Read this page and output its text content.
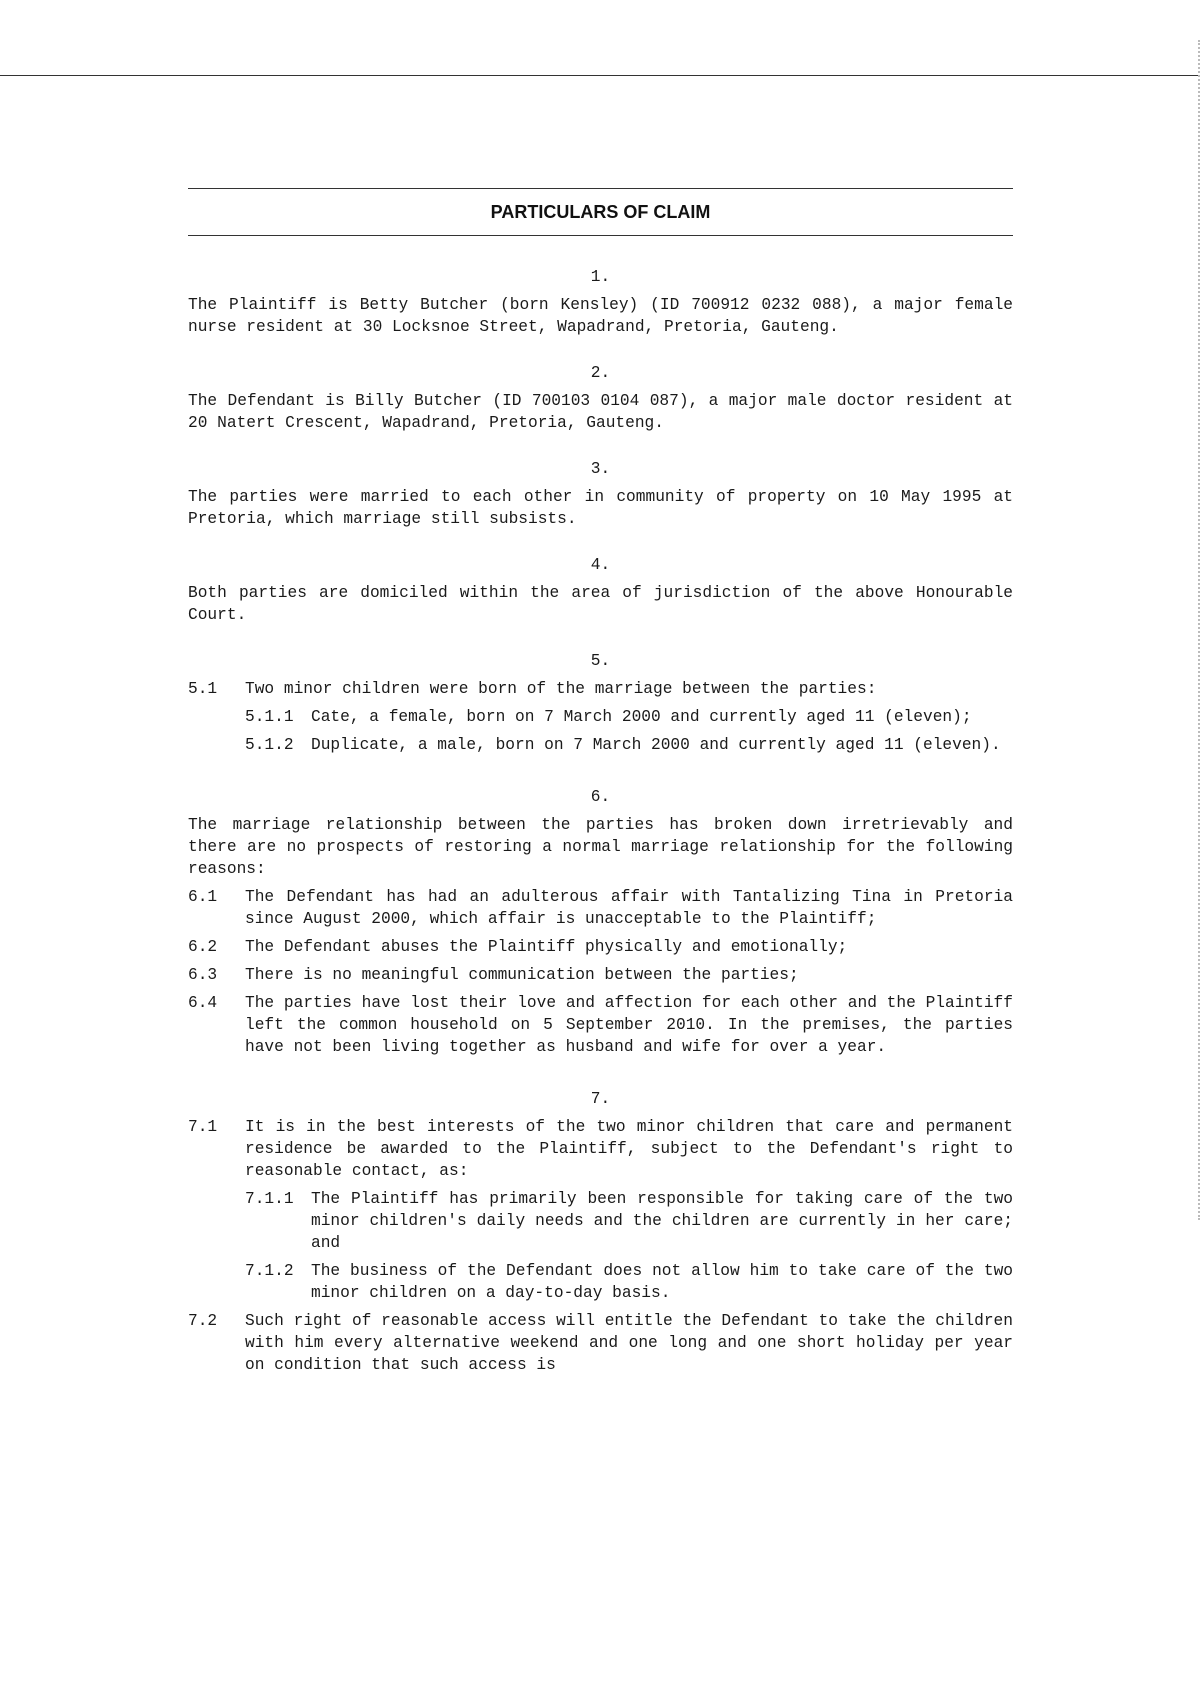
PARTICULARS OF CLAIM
1.
The Plaintiff is Betty Butcher (born Kensley) (ID 700912 0232 088), a major female nurse resident at 30 Locksnoe Street, Wapadrand, Pretoria, Gauteng.
2.
The Defendant is Billy Butcher (ID 700103 0104 087), a major male doctor resident at 20 Natert Crescent, Wapadrand, Pretoria, Gauteng.
3.
The parties were married to each other in community of property on 10 May 1995 at Pretoria, which marriage still subsists.
4.
Both parties are domiciled within the area of jurisdiction of the above Honourable Court.
5.
5.1 Two minor children were born of the marriage between the parties:
5.1.1 Cate, a female, born on 7 March 2000 and currently aged 11 (eleven);
5.1.2 Duplicate, a male, born on 7 March 2000 and currently aged 11 (eleven).
6.
The marriage relationship between the parties has broken down irretrievably and there are no prospects of restoring a normal marriage relationship for the following reasons:
6.1 The Defendant has had an adulterous affair with Tantalizing Tina in Pretoria since August 2000, which affair is unacceptable to the Plaintiff;
6.2 The Defendant abuses the Plaintiff physically and emotionally;
6.3 There is no meaningful communication between the parties;
6.4 The parties have lost their love and affection for each other and the Plaintiff left the common household on 5 September 2010. In the premises, the parties have not been living together as husband and wife for over a year.
7.
7.1 It is in the best interests of the two minor children that care and permanent residence be awarded to the Plaintiff, subject to the Defendant's right to reasonable contact, as:
7.1.1 The Plaintiff has primarily been responsible for taking care of the two minor children's daily needs and the children are currently in her care; and
7.1.2 The business of the Defendant does not allow him to take care of the two minor children on a day-to-day basis.
7.2 Such right of reasonable access will entitle the Defendant to take the children with him every alternative weekend and one long and one short holiday per year on condition that such access is
